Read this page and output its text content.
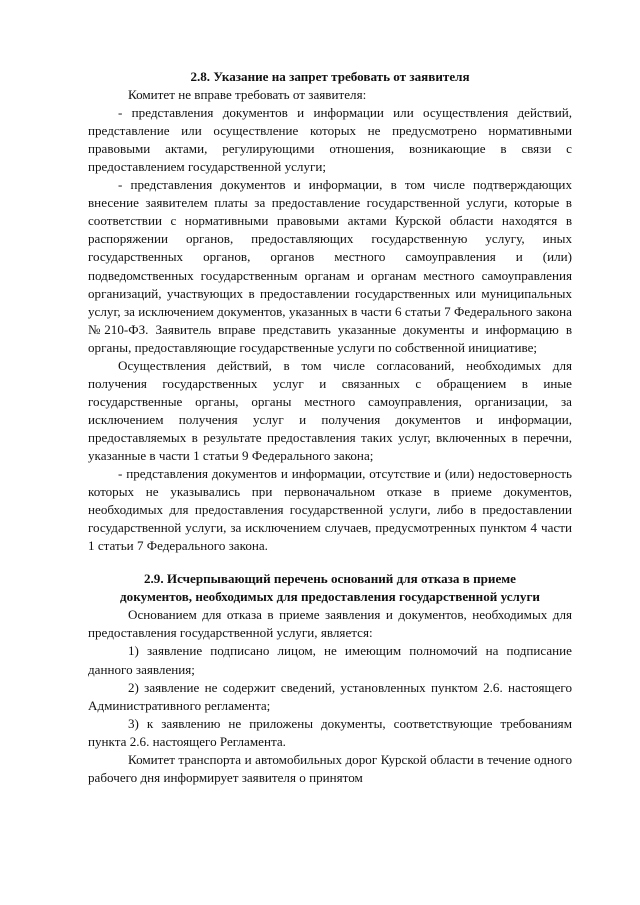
2.8. Указание на запрет требовать от заявителя

Комитет не вправе требовать от заявителя:

- представления документов и информации или осуществления действий, представление или осуществление которых не предусмотрено нормативными правовыми актами, регулирующими отношения, возникающие в связи с предоставлением государственной услуги;

- представления документов и информации, в том числе подтверждающих внесение заявителем платы за предоставление государственной услуги, которые в соответствии с нормативными правовыми актами Курской области находятся в распоряжении органов, предоставляющих государственную услугу, иных государственных органов, органов местного самоуправления и (или) подведомственных государственным органам и органам местного самоуправления организаций, участвующих в предоставлении государственных или муниципальных услуг, за исключением документов, указанных в части 6 статьи 7 Федерального закона №210-ФЗ. Заявитель вправе представить указанные документы и информацию в органы, предоставляющие государственные услуги по собственной инициативе;

Осуществления действий, в том числе согласований, необходимых для получения государственных услуг и связанных с обращением в иные государственные органы, органы местного самоуправления, организации, за исключением получения услуг и получения документов и информации, предоставляемых в результате предоставления таких услуг, включенных в перечни, указанные в части 1 статьи 9 Федерального закона;

- представления документов и информации, отсутствие и (или) недостоверность которых не указывались при первоначальном отказе в приеме документов, необходимых для предоставления государственной услуги, либо в предоставлении государственной услуги, за исключением случаев, предусмотренных пунктом 4 части 1 статьи 7 Федерального закона.

2.9. Исчерпывающий перечень оснований для отказа в приеме
документов, необходимых для предоставления государственной услуги

Основанием для отказа в приеме заявления и документов, необходимых для предоставления государственной услуги, является:

1) заявление подписано лицом, не имеющим полномочий на подписание данного заявления;

2) заявление не содержит сведений, установленных пунктом 2.6. настоящего Административного регламента;

3) к заявлению не приложены документы, соответствующие требованиям пункта 2.6. настоящего Регламента.

Комитет транспорта и автомобильных дорог Курской области в течение одного рабочего дня информирует заявителя о принятом
